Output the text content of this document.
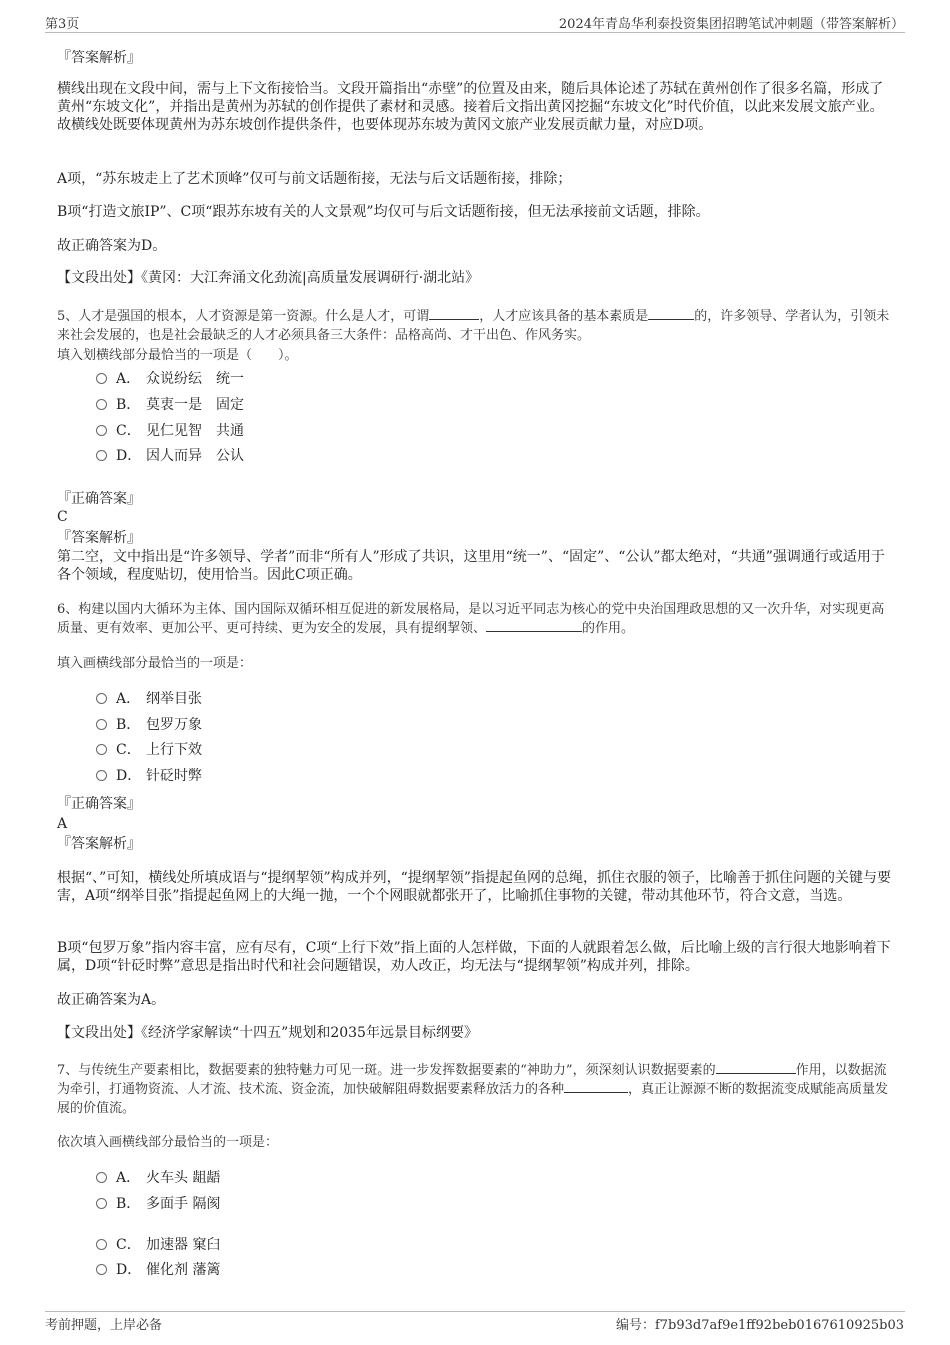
第3页	2024年青岛华利泰投资集团招聘笔试冲刺题（带答案解析）
『答案解析』
横线出现在文段中间，需与上下文衔接恰当。文段开篇指出“赤壁”的位置及由来，随后具体论述了苏轼在黄州创作了很多名篇，形成了黄州“东坡文化”，并指出是黄州为苏轼的创作提供了素材和灵感。接着后文指出黄冈挖掘“东坡文化”时代价值，以此来发展文旅产业。故横线处既要体现黄州为苏东坡创作提供条件，也要体现苏东坡为黄冈文旅产业发展贡献力量，对应D项。
A项，“苏东坡走上了艺术顶峰”仅可与前文话题衔接，无法与后文话题衔接，排除；
B项“打造文旅IP”、C项“跟苏东坡有关的人文景观”均仅可与后文话题衔接，但无法承接前文话题，排除。
故正确答案为D。
【文段出处】《黄冈：大江奔涌文化劲流|高质量发展调研行·湖北站》
5、人才是强国的根本，人才资源是第一资源。什么是人才，可谓	，人才应该具备的基本素质是	的，许多领导、学者认为，引领未来社会发展的，也是社会最缺乏的人才必须具备三大条件：品格高尚、才干出色、作风务实。
填入划横线部分最恰当的一项是（　　）。
A． 众说纷纭　统一
B． 莫衷一是　固定
C． 见仁见智　共通
D． 因人而异　公认
『正确答案』
C
『答案解析』
第二空，文中指出是“许多领导、学者”而非“所有人”形成了共识，这里用“统一”、“固定”、“公认”都太绝对，“共通”强调通行或适用于各个领域，程度贴切，使用恰当。因此C项正确。
6、构建以国内大循环为主体、国内国际双循环相互促进的新发展格局，是以习近平同志为核心的党中央治国理政思想的又一次升华，对实现更高质量、更有效率、更加公平、更可持续、更为安全的发展，具有提纲挈领、	的作用。
填入画横线部分最恰当的一项是：
A． 纲举目张
B． 包罗万象
C． 上行下效
D． 针砭时弊
『正确答案』
A
『答案解析』
根据“、”可知，横线处所填成语与“提纲挈领”构成并列，“提纲挈领”指提起鱼网的总绳，抓住衣服的领子，比喻善于抓住问题的关键与要害，A项“纲举目张”指提起鱼网上的大绳一抛，一个个网眼就都张开了，比喻抓住事物的关键，带动其他环节，符合文意，当选。
B项“包罗万象”指内容丰富，应有尽有，C项“上行下效”指上面的人怎样做，下面的人就跟着怎么做，后比喻上级的言行很大地影响着下属，D项“针砭时弊”意思是指出时代和社会问题错误，劝人改正，均无法与“提纲挈领”构成并列，排除。
故正确答案为A。
【文段出处】《经济学家解读“十四五”规划和2035年远景目标纲要》
7、与传统生产要素相比，数据要素的独特魅力可见一斑。进一步发挥数据要素的“神助力”，须深刻认识数据要素的	作用，以数据流为牵引，打通物资流、人才流、技术流、资金流，加快破解阻碍数据要素释放活力的各种	，真正让源源不断的数据流变成赋能高质量发展的价值流。
依次填入画横线部分最恰当的一项是：
A． 火车头 龃龉
B． 多面手 隔阂
C． 加速器 窠臼
D． 催化剂 藩篱
考前押题，上岸必备	编号：f7b93d7af9e1ff92beb0167610925b03
